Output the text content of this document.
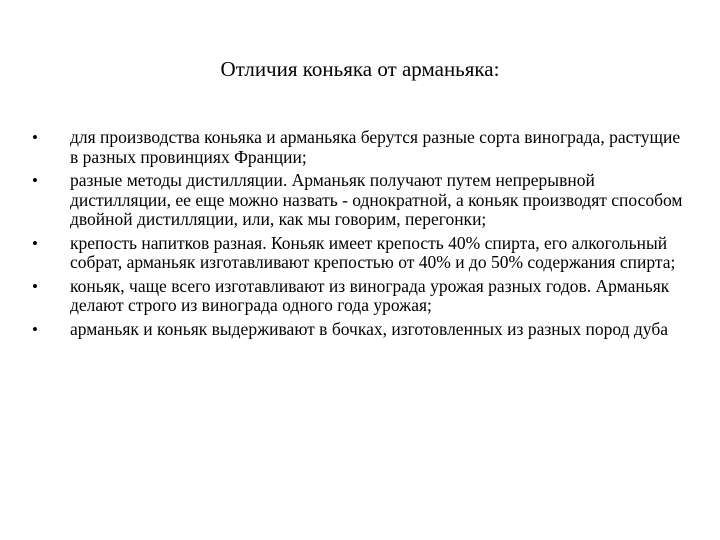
Отличия коньяка от арманьяка:
•	для производства коньяка и арманьяка берутся разные сорта винограда, растущие в разных провинциях Франции;
•	разные методы дистилляции. Арманьяк получают путем непрерывной дистилляции, ее еще можно назвать - однократной, а коньяк производят способом двойной дистилляции, или, как мы говорим, перегонки;
•	крепость напитков разная. Коньяк имеет крепость 40% спирта, его алкогольный собрат, арманьяк изготавливают крепостью от 40% и до 50% содержания спирта;
•	коньяк, чаще всего изготавливают из винограда урожая разных годов. Арманьяк делают строго из винограда одного года урожая;
•	арманьяк и коньяк выдерживают в бочках, изготовленных из разных пород дуба
